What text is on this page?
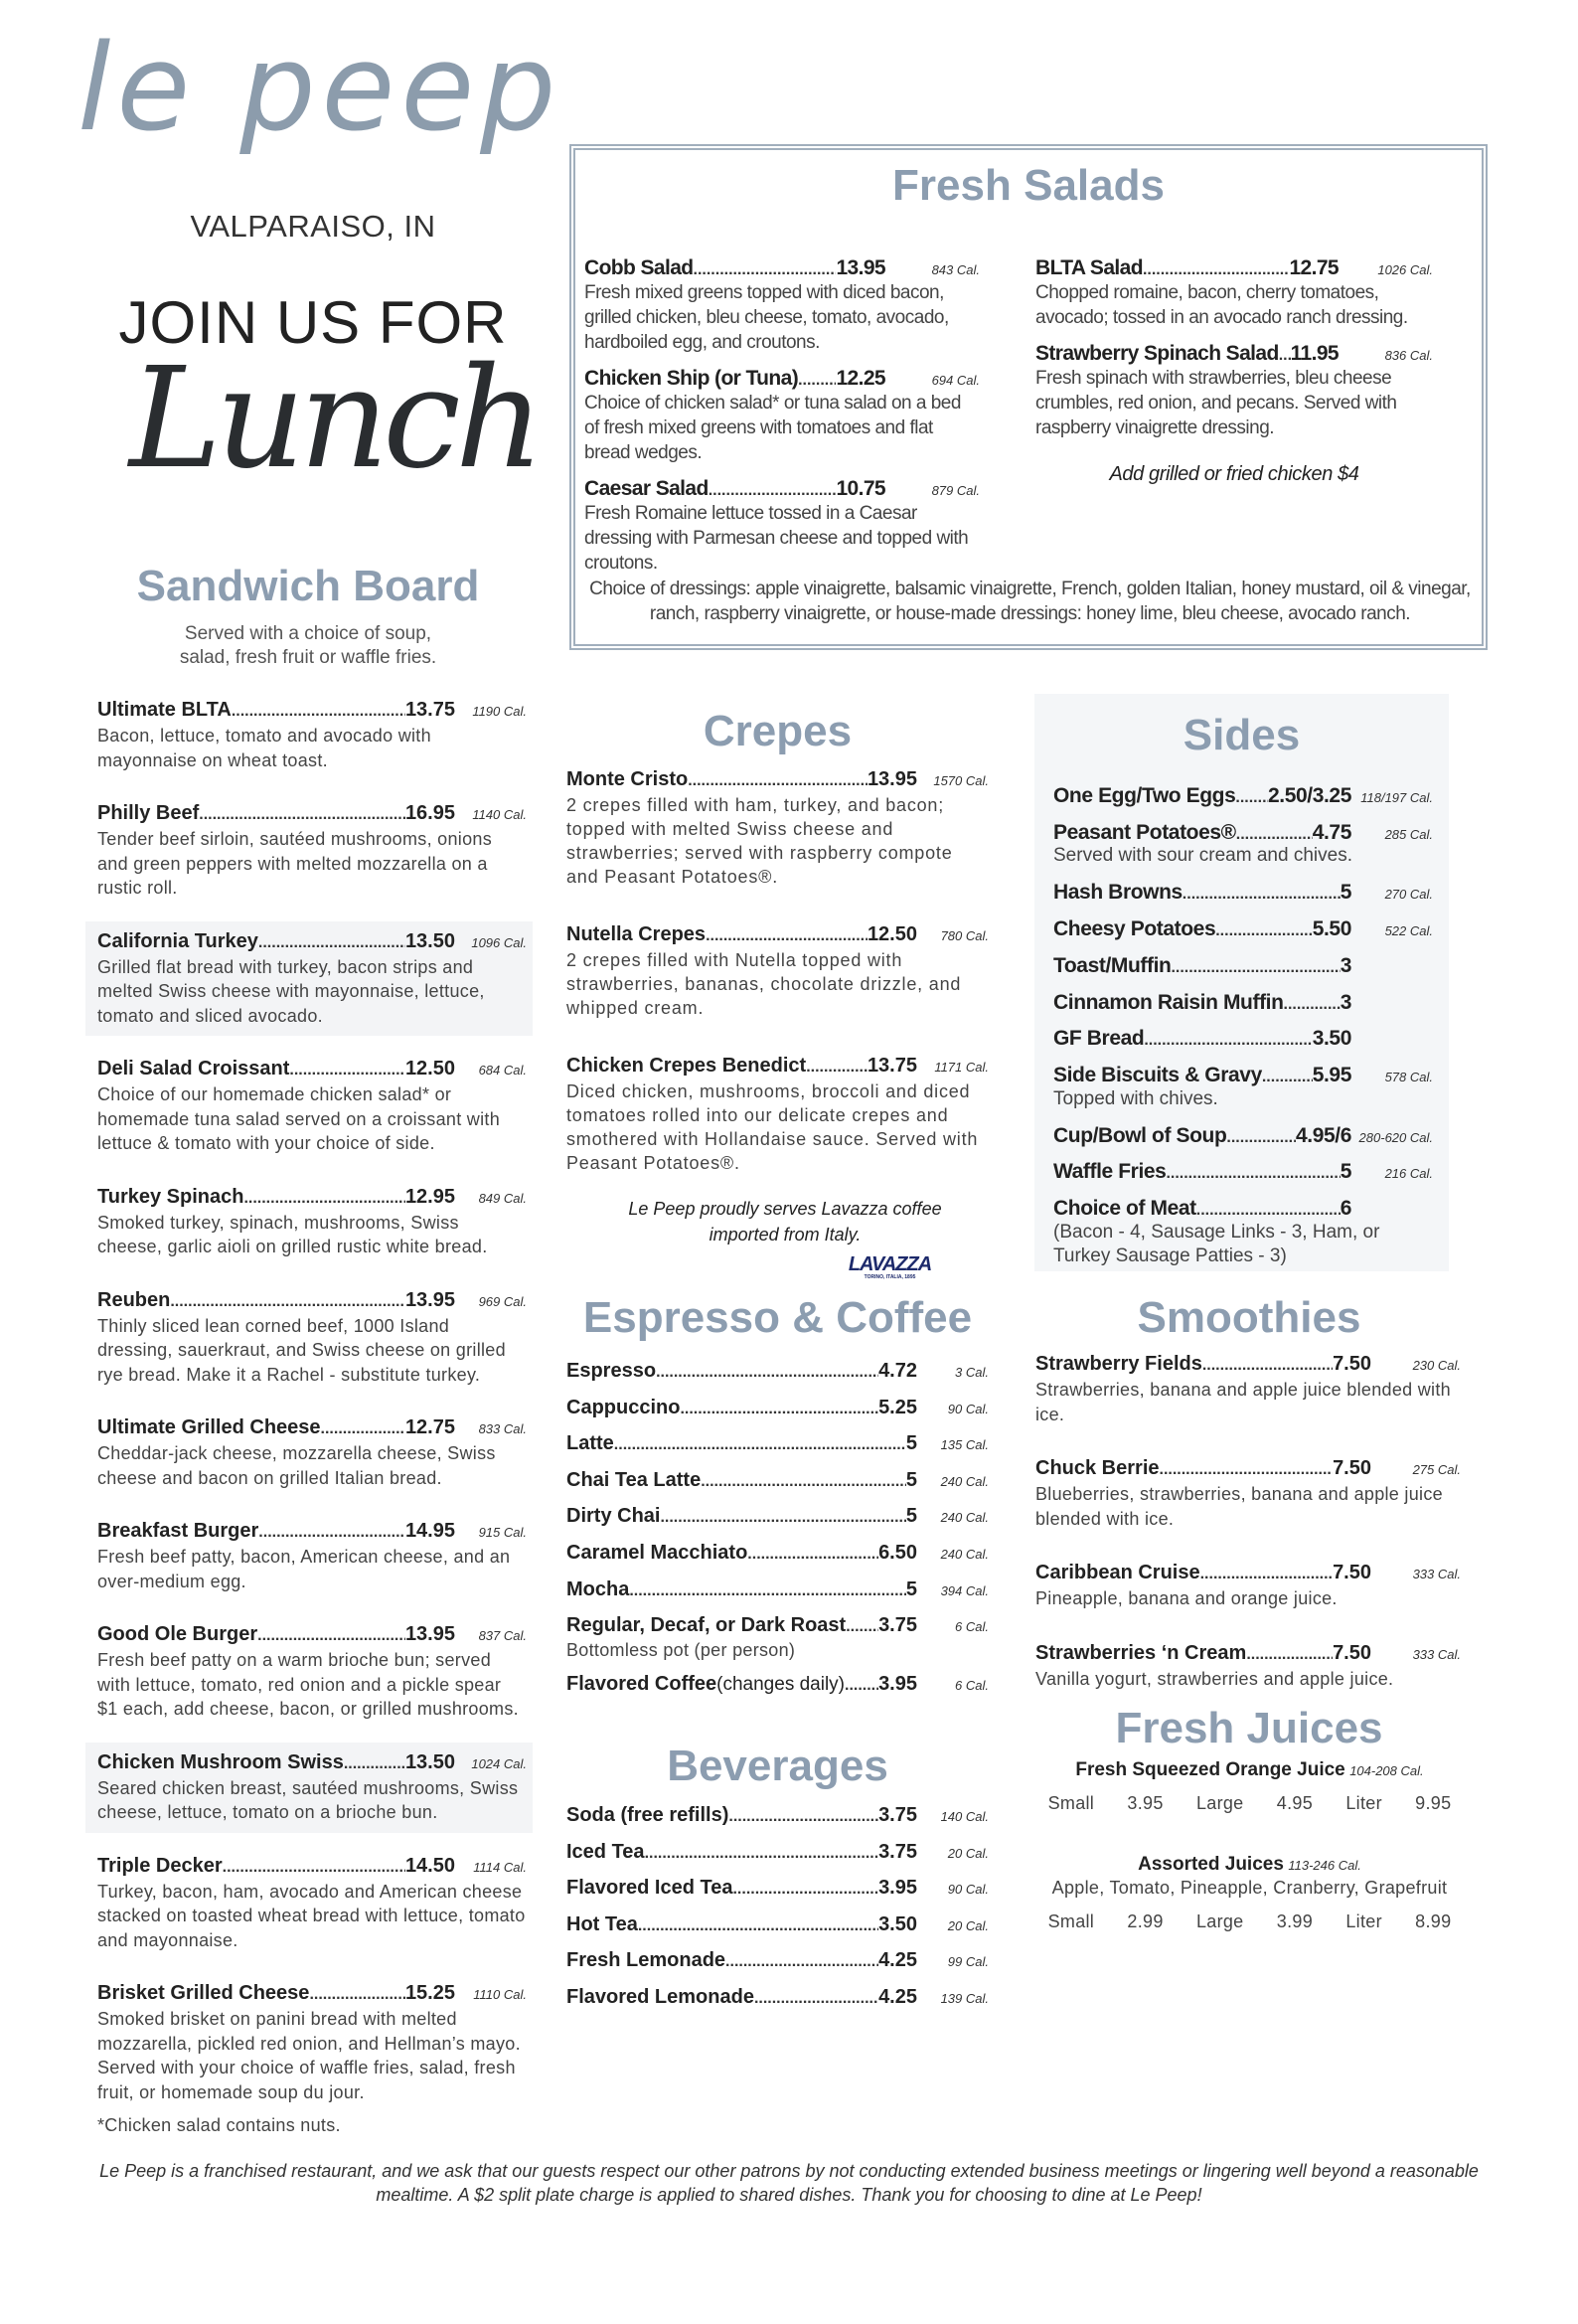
le peep
VALPARAISO, IN
JOIN US FOR
Lunch
Sandwich Board
Served with a choice of soup, salad, fresh fruit or waffle fries.
Ultimate BLTA .....	13.75	1190 Cal.
Bacon, lettuce, tomato and avocado with mayonnaise on wheat toast.
Philly Beef .....	16.95	1140 Cal.
Tender beef sirloin, sautéed mushrooms, onions and green peppers with melted mozzarella on a rustic roll.
California Turkey .....	13.50	1096 Cal.
Grilled flat bread with turkey, bacon strips and melted Swiss cheese with mayonnaise, lettuce, tomato and sliced avocado.
Deli Salad Croissant .....	12.50	684 Cal.
Choice of our homemade chicken salad* or homemade tuna salad served on a croissant with lettuce & tomato with your choice of side.
Turkey Spinach .....	12.95	849 Cal.
Smoked turkey, spinach, mushrooms, Swiss cheese, garlic aioli on grilled rustic white bread.
Reuben .....	13.95	969 Cal.
Thinly sliced lean corned beef, 1000 Island dressing, sauerkraut, and Swiss cheese on grilled rye bread. Make it a Rachel - substitute turkey.
Ultimate Grilled Cheese .....	12.75	833 Cal.
Cheddar-jack cheese, mozzarella cheese, Swiss cheese and bacon on grilled Italian bread.
Breakfast Burger .....	14.95	915 Cal.
Fresh beef patty, bacon, American cheese, and an over-medium egg.
Good Ole Burger .....	13.95	837 Cal.
Fresh beef patty on a warm brioche bun; served with lettuce, tomato, red onion and a pickle spear $1 each, add cheese, bacon, or grilled mushrooms.
Chicken Mushroom Swiss .....	13.50	1024 Cal.
Seared chicken breast, sautéed mushrooms, Swiss cheese, lettuce, tomato on a brioche bun.
Triple Decker .....	14.50	1114 Cal.
Turkey, bacon, ham, avocado and American cheese stacked on toasted wheat bread with lettuce, tomato and mayonnaise.
Brisket Grilled Cheese .....	15.25	1110 Cal.
Smoked brisket on panini bread with melted mozzarella, pickled red onion, and Hellman’s mayo. Served with your choice of waffle fries, salad, fresh fruit, or homemade soup du jour.
*Chicken salad contains nuts.
Fresh Salads
Cobb Salad .....	13.95	843 Cal.
Fresh mixed greens topped with diced bacon, grilled chicken, bleu cheese, tomato, avocado, hardboiled egg, and croutons.
Chicken Ship (or Tuna) ..... 12.25	694 Cal.
Choice of chicken salad* or tuna salad on a bed of fresh mixed greens with tomatoes and flat bread wedges.
Caesar Salad .....	10.75	879 Cal.
Fresh Romaine lettuce tossed in a Caesar dressing with Parmesan cheese and topped with croutons.
BLTA Salad .....	12.75	1026 Cal.
Chopped romaine, bacon, cherry tomatoes, avocado; tossed in an avocado ranch dressing.
Strawberry Spinach Salad ..... 11.95	836 Cal.
Fresh spinach with strawberries, bleu cheese crumbles, red onion, and pecans. Served with raspberry vinaigrette dressing.
Add grilled or fried chicken $4
Choice of dressings: apple vinaigrette, balsamic vinaigrette, French, golden Italian, honey mustard, oil & vinegar, ranch, raspberry vinaigrette, or house-made dressings: honey lime, bleu cheese, avocado ranch.
Crepes
Monte Cristo .....	13.95	1570 Cal.
2 crepes filled with ham, turkey, and bacon; topped with melted Swiss cheese and strawberries; served with raspberry compote and Peasant Potatoes®.
Nutella Crepes .....	12.50	780 Cal.
2 crepes filled with Nutella topped with strawberries, bananas, chocolate drizzle, and whipped cream.
Chicken Crepes Benedict .....	13.75	1171 Cal.
Diced chicken, mushrooms, broccoli and diced tomatoes rolled into our delicate crepes and smothered with Hollandaise sauce. Served with Peasant Potatoes®.
Le Peep proudly serves Lavazza coffee imported from Italy.
LAVAZZA
TORINO, ITALIA, 1895
Espresso & Coffee
Espresso .....	4.72	3 Cal.
Cappuccino .....	5.25	90 Cal.
Latte .....	5	135 Cal.
Chai Tea Latte .....	5	240 Cal.
Dirty Chai .....	5	240 Cal.
Caramel Macchiato .....	6.50	240 Cal.
Mocha .....	5	394 Cal.
Regular, Decaf, or Dark Roast ..... 3.75	6 Cal.
Bottomless pot (per person)
Flavored Coffee (changes daily) ..... 3.95	6 Cal.
Beverages
Soda (free refills) .....	3.75	140 Cal.
Iced Tea .....	3.75	20 Cal.
Flavored Iced Tea .....	3.95	90 Cal.
Hot Tea .....	3.50	20 Cal.
Fresh Lemonade .....	4.25	99 Cal.
Flavored Lemonade .....	4.25	139 Cal.
Sides
One Egg/Two Eggs ..... 2.50/3.25 118/197 Cal.
Peasant Potatoes® .....	4.75	285 Cal.
Served with sour cream and chives.
Hash Browns .....	5	270 Cal.
Cheesy Potatoes .....	5.50	522 Cal.
Toast/Muffin .....	3
Cinnamon Raisin Muffin .....	3
GF Bread .....	3.50
Side Biscuits & Gravy ..... 5.95	578 Cal.
Topped with chives.
Cup/Bowl of Soup .....	4.95/6 280-620 Cal.
Waffle Fries .....	5	216 Cal.
Choice of Meat .....	6
(Bacon - 4, Sausage Links - 3, Ham, or Turkey Sausage Patties - 3)
Smoothies
Strawberry Fields .....	7.50	230 Cal.
Strawberries, banana and apple juice blended with ice.
Chuck Berrie .....	7.50	275 Cal.
Blueberries, strawberries, banana and apple juice blended with ice.
Caribbean Cruise .....	7.50	333 Cal.
Pineapple, banana and orange juice.
Strawberries ‘n Cream .....	7.50	333 Cal.
Vanilla yogurt, strawberries and apple juice.
Fresh Juices
Fresh Squeezed Orange Juice 104-208 Cal.
Small 3.95 Large 4.95 Liter 9.95
Assorted Juices 113-246 Cal.
Apple, Tomato, Pineapple, Cranberry, Grapefruit
Small 2.99 Large 3.99 Liter 8.99
Le Peep is a franchised restaurant, and we ask that our guests respect our other patrons by not conducting extended business meetings or lingering well beyond a reasonable mealtime. A $2 split plate charge is applied to shared dishes. Thank you for choosing to dine at Le Peep!
